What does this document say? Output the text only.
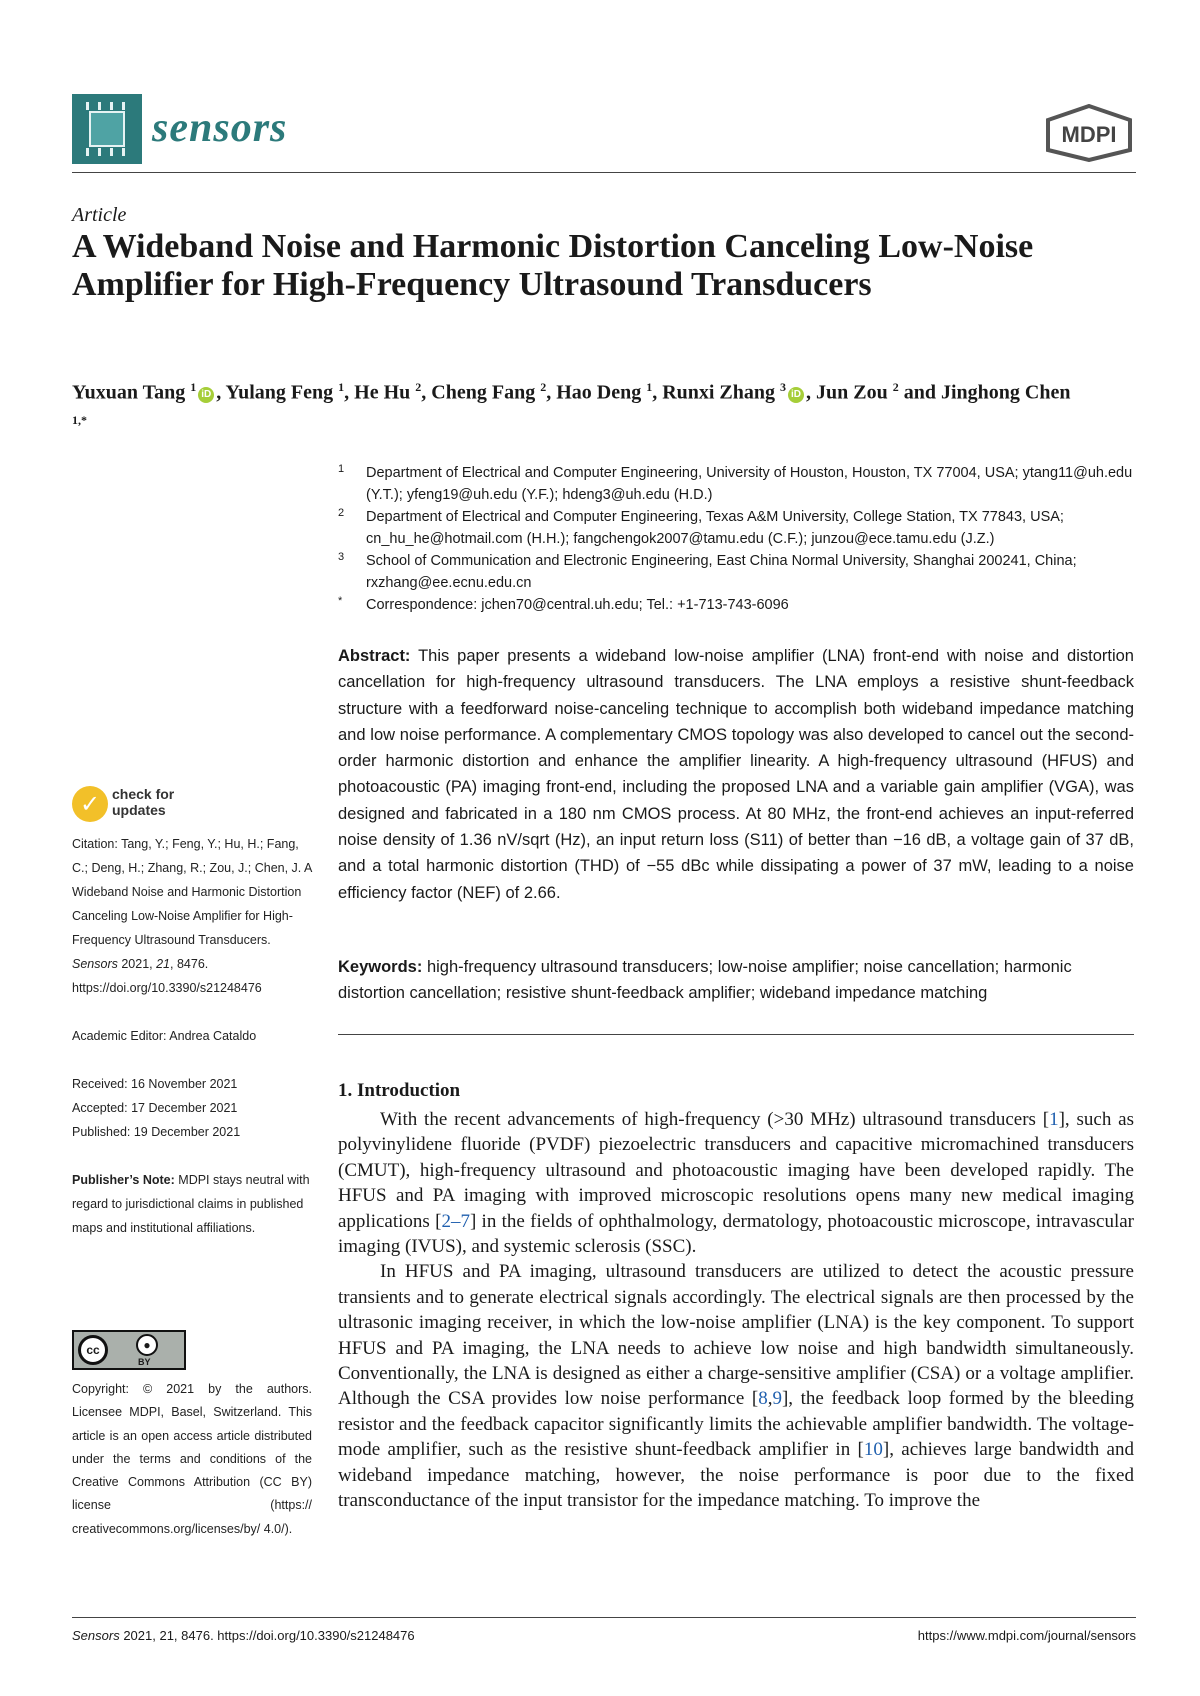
sensors	MDPI
Article
A Wideband Noise and Harmonic Distortion Canceling Low-Noise Amplifier for High-Frequency Ultrasound Transducers
Yuxuan Tang $^1$iD , Yulang Feng $^1$, He Hu $^2$, Cheng Fang $^2$, Hao Deng $^1$, Runxi Zhang $^3$iD , Jun Zou $^2$ and Jinghong Chen $^{1,*}$
1 Department of Electrical and Computer Engineering, University of Houston, Houston, TX 77004, USA; ytang11@uh.edu (Y.T.); yfeng19@uh.edu (Y.F.); hdeng3@uh.edu (H.D.)
2 Department of Electrical and Computer Engineering, Texas A&M University, College Station, TX 77843, USA; cn_hu_he@hotmail.com (H.H.); fangchengok2007@tamu.edu (C.F.); junzou@ece.tamu.edu (J.Z.)
3 School of Communication and Electronic Engineering, East China Normal University, Shanghai 200241, China; rxzhang@ee.ecnu.edu.cn
* Correspondence: jchen70@central.uh.edu; Tel.: +1-713-743-6096
Abstract: This paper presents a wideband low-noise amplifier (LNA) front-end with noise and distortion cancellation for high-frequency ultrasound transducers. The LNA employs a resistive shunt-feedback structure with a feedforward noise-canceling technique to accomplish both wideband impedance matching and low noise performance. A complementary CMOS topology was also developed to cancel out the second-order harmonic distortion and enhance the amplifier linearity. A high-frequency ultrasound (HFUS) and photoacoustic (PA) imaging front-end, including the proposed LNA and a variable gain amplifier (VGA), was designed and fabricated in a 180 nm CMOS process. At 80 MHz, the front-end achieves an input-referred noise density of 1.36 nV/sqrt (Hz), an input return loss (S11) of better than −16 dB, a voltage gain of 37 dB, and a total harmonic distortion (THD) of −55 dBc while dissipating a power of 37 mW, leading to a noise efficiency factor (NEF) of 2.66.
Keywords: high-frequency ultrasound transducers; low-noise amplifier; noise cancellation; harmonic distortion cancellation; resistive shunt-feedback amplifier; wideband impedance matching
1. Introduction

With the recent advancements of high-frequency (>30 MHz) ultrasound transducers [1], such as polyvinylidene fluoride (PVDF) piezoelectric transducers and capacitive micromachined transducers (CMUT), high-frequency ultrasound and photoacoustic imaging have been developed rapidly. The HFUS and PA imaging with improved microscopic resolutions opens many new medical imaging applications [2–7] in the fields of ophthalmology, dermatology, photoacoustic microscope, intravascular imaging (IVUS), and systemic sclerosis (SSC).

In HFUS and PA imaging, ultrasound transducers are utilized to detect the acoustic pressure transients and to generate electrical signals accordingly. The electrical signals are then processed by the ultrasonic imaging receiver, in which the low-noise amplifier (LNA) is the key component. To support HFUS and PA imaging, the LNA needs to achieve low noise and high bandwidth simultaneously. Conventionally, the LNA is designed as either a charge-sensitive amplifier (CSA) or a voltage amplifier. Although the CSA provides low noise performance [8,9], the feedback loop formed by the bleeding resistor and the feedback capacitor significantly limits the achievable amplifier bandwidth. The voltage-mode amplifier, such as the resistive shunt-feedback amplifier in [10], achieves large bandwidth and wideband impedance matching, however, the noise performance is poor due to the fixed transconductance of the input transistor for the impedance matching. To improve the

✓ check for
updates
Citation: Tang, Y.; Feng, Y.; Hu, H.; Fang, C.; Deng, H.; Zhang, R.; Zou, J.; Chen, J. A Wideband Noise and Harmonic Distortion Canceling Low-Noise Amplifier for High-Frequency Ultrasound Transducers. Sensors 2021, 21, 8476. https://doi.org/10.3390/s21248476
Academic Editor: Andrea Cataldo
Received: 16 November 2021
Accepted: 17 December 2021
Published: 19 December 2021
Publisher’s Note: MDPI stays neutral with regard to jurisdictional claims in published maps and institutional affiliations.
cc	●
BY
Copyright: © 2021 by the authors. Licensee MDPI, Basel, Switzerland. This article is an open access article distributed under the terms and conditions of the Creative Commons Attribution (CC BY) license (https:// creativecommons.org/licenses/by/ 4.0/).
Sensors 2021, 21, 8476. https://doi.org/10.3390/s21248476	https://www.mdpi.com/journal/sensors
